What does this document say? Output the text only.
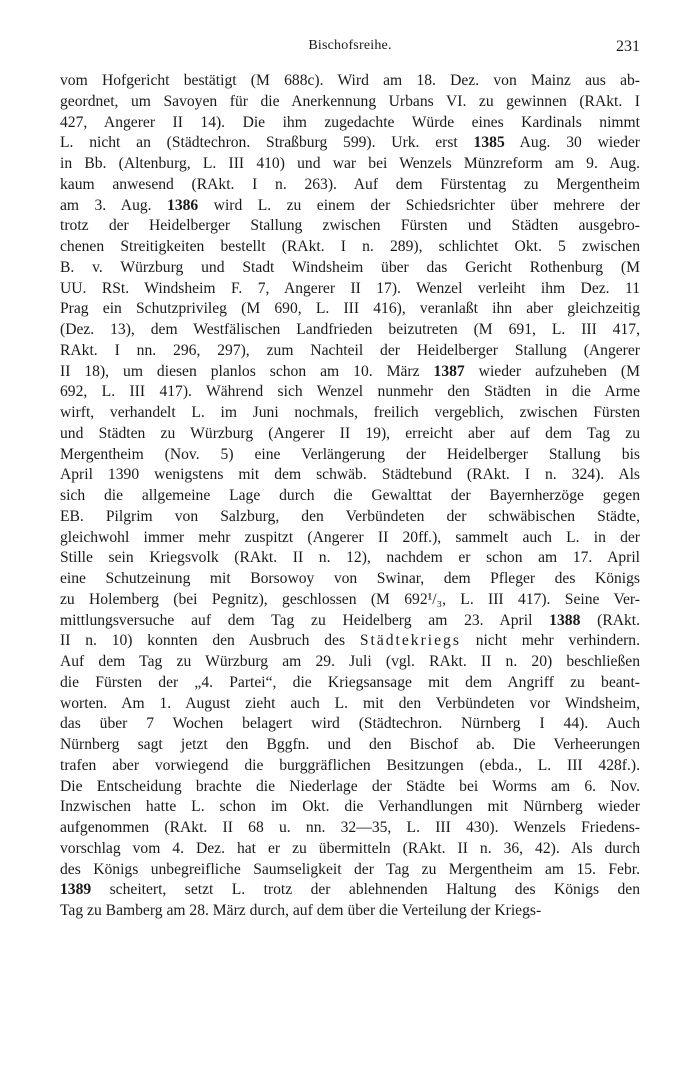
Bischofsreihe.	231
vom Hofgericht bestätigt (M 688c). Wird am 18. Dez. von Mainz aus ab-
geordnet, um Savoyen für die Anerkennung Urbans VI. zu gewinnen (RAkt. I
427, Angerer II 14). Die ihm zugedachte Würde eines Kardinals nimmt
L. nicht an (Städtechron. Straßburg 599). Urk. erst 1385 Aug. 30 wieder
in Bb. (Altenburg, L. III 410) und war bei Wenzels Münzreform am 9. Aug.
kaum anwesend (RAkt. I n. 263). Auf dem Fürstentag zu Mergentheim
am 3. Aug. 1386 wird L. zu einem der Schiedsrichter über mehrere der
trotz der Heidelberger Stallung zwischen Fürsten und Städten ausgebro-
chenen Streitigkeiten bestellt (RAkt. I n. 289), schlichtet Okt. 5 zwischen
B. v. Würzburg und Stadt Windsheim über das Gericht Rothenburg (M
UU. RSt. Windsheim F. 7, Angerer II 17). Wenzel verleiht ihm Dez. 11
Prag ein Schutzprivileg (M 690, L. III 416), veranlaßt ihn aber gleichzeitig
(Dez. 13), dem Westfälischen Landfrieden beizutreten (M 691, L. III 417,
RAkt. I nn. 296, 297), zum Nachteil der Heidelberger Stallung (Angerer
II 18), um diesen planlos schon am 10. März 1387 wieder aufzuheben (M
692, L. III 417). Während sich Wenzel nunmehr den Städten in die Arme
wirft, verhandelt L. im Juni nochmals, freilich vergeblich, zwischen Fürsten
und Städten zu Würzburg (Angerer II 19), erreicht aber auf dem Tag zu
Mergentheim (Nov. 5) eine Verlängerung der Heidelberger Stallung bis
April 1390 wenigstens mit dem schwäb. Städtebund (RAkt. I n. 324). Als
sich die allgemeine Lage durch die Gewalttat der Bayernherzöge gegen
EB. Pilgrim von Salzburg, den Verbündeten der schwäbischen Städte,
gleichwohl immer mehr zuspitzt (Angerer II 20ff.), sammelt auch L. in der
Stille sein Kriegsvolk (RAkt. II n. 12), nachdem er schon am 17. April
eine Schutzeinung mit Borsowoy von Swinar, dem Pfleger des Königs
zu Holemberg (bei Pegnitz), geschlossen (M 692¹/₃, L. III 417). Seine Ver-
mittlungsversuche auf dem Tag zu Heidelberg am 23. April 1388 (RAkt.
II n. 10) konnten den Ausbruch des Städtekriegs nicht mehr verhindern.
Auf dem Tag zu Würzburg am 29. Juli (vgl. RAkt. II n. 20) beschließen
die Fürsten der „4. Partei“, die Kriegsansage mit dem Angriff zu beant-
worten. Am 1. August zieht auch L. mit den Verbündeten vor Windsheim,
das über 7 Wochen belagert wird (Städtechron. Nürnberg I 44). Auch
Nürnberg sagt jetzt den Bggfn. und den Bischof ab. Die Verheerungen
trafen aber vorwiegend die burggräflichen Besitzungen (ebda., L. III 428f.).
Die Entscheidung brachte die Niederlage der Städte bei Worms am 6. Nov.
Inzwischen hatte L. schon im Okt. die Verhandlungen mit Nürnberg wieder
aufgenommen (RAkt. II 68 u. nn. 32—35, L. III 430). Wenzels Friedens-
vorschlag vom 4. Dez. hat er zu übermitteln (RAkt. II n. 36, 42). Als durch
des Königs unbegreifliche Saumseligkeit der Tag zu Mergentheim am 15. Febr.
1389 scheitert, setzt L. trotz der ablehnenden Haltung des Königs den
Tag zu Bamberg am 28. März durch, auf dem über die Verteilung der Kriegs-
